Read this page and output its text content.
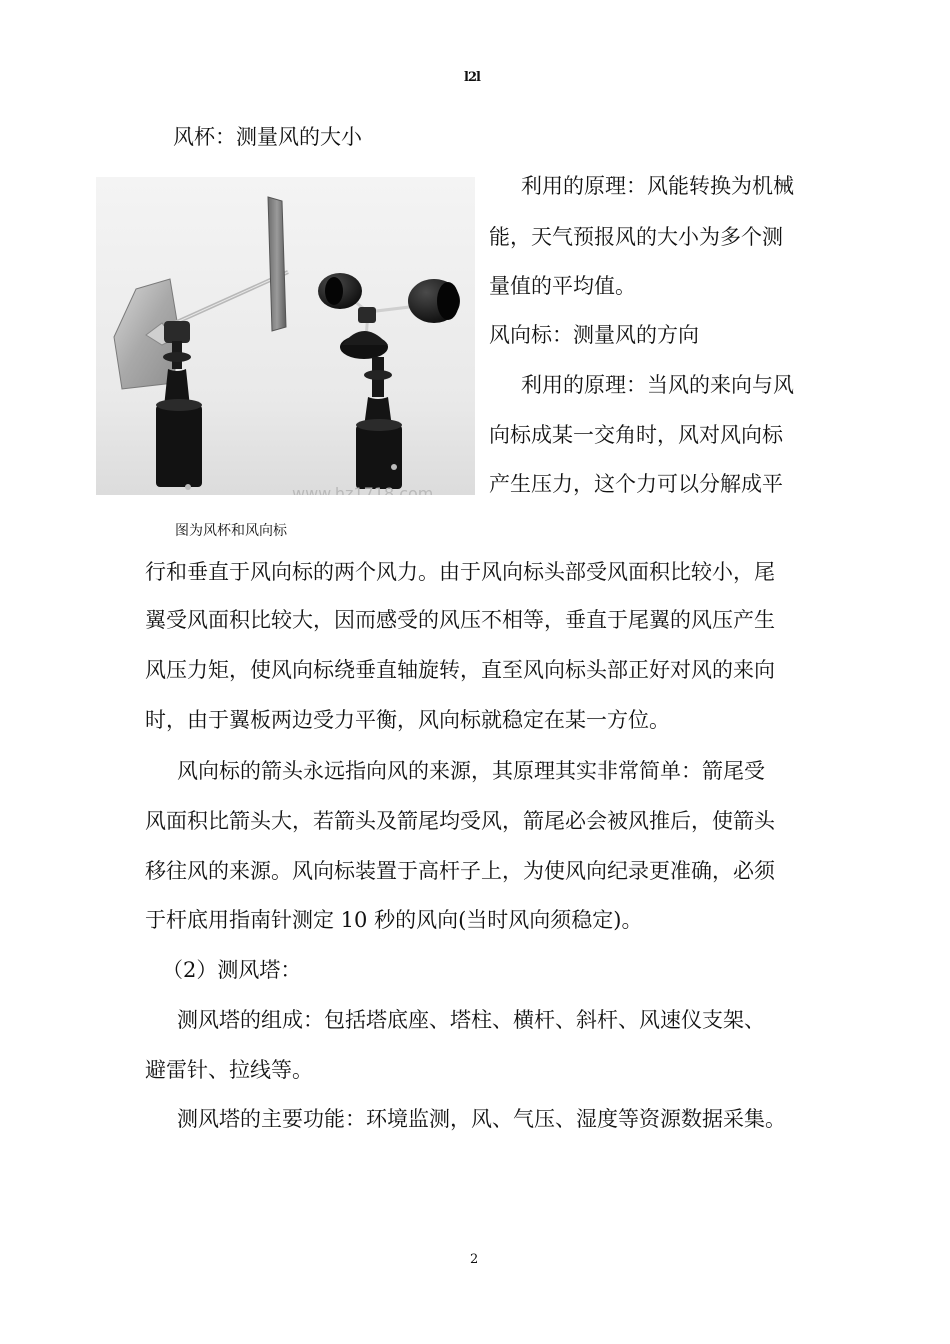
l2l
风杯：测量风的大小
www.hz1718.com
利用的原理：风能转换为机械
能，天气预报风的大小为多个测
量值的平均值。
风向标：测量风的方向
利用的原理：当风的来向与风
向标成某一交角时，风对风向标
产生压力，这个力可以分解成平
图为风杯和风向标
行和垂直于风向标的两个风力。由于风向标头部受风面积比较小，尾
翼受风面积比较大，因而感受的风压不相等，垂直于尾翼的风压产生
风压力矩，使风向标绕垂直轴旋转，直至风向标头部正好对风的来向
时，由于翼板两边受力平衡，风向标就稳定在某一方位。
风向标的箭头永远指向风的来源，其原理其实非常简单：箭尾受
风面积比箭头大，若箭头及箭尾均受风，箭尾必会被风推后，使箭头
移往风的来源。风向标装置于高杆子上，为使风向纪录更准确，必须
于杆底用指南针测定 10 秒的风向(当时风向须稳定)。
（2）测风塔：
测风塔的组成：包括塔底座、塔柱、横杆、斜杆、风速仪支架、
避雷针、拉线等。
测风塔的主要功能：环境监测，风、气压、湿度等资源数据采集。
2
